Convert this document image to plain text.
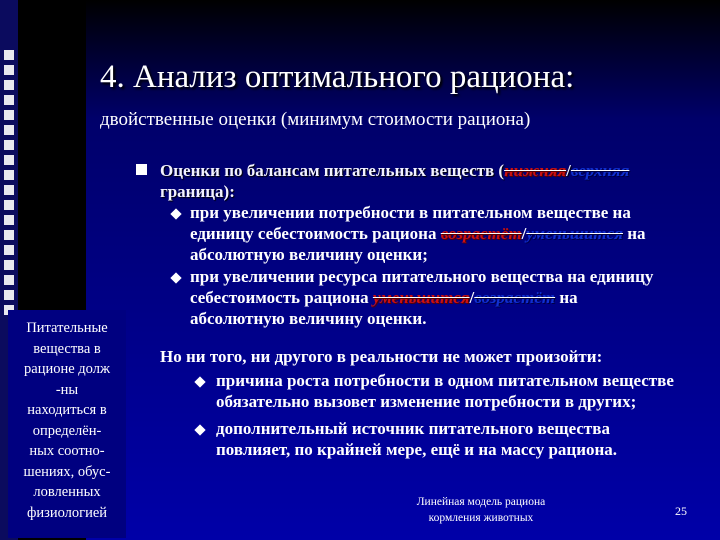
4. Анализ оптимального рациона:
двойственные оценки (минимум стоимости рациона)
Оценки по балансам питательных веществ (нижняя/верхняя
граница):
при увеличении потребности в питательном веществе на
единицу себестоимость рациона возрастёт/уменьшится на
абсолютную величину оценки;
при увеличении ресурса питательного вещества на единицу
себестоимость рациона уменьшится/возрастёт на
абсолютную величину оценки.
Но ни того, ни другого в реальности не может произойти:
причина роста потребности в одном питательном веществе
обязательно вызовет изменение потребности в других;
дополнительный источник питательного вещества
повлияет, по крайней мере, ещё и на массу рациона.
Линейная модель рациона
кормления животных	25
Питательные
вещества в
рационе долж
-ны
находиться в
определён-
ных соотно-
шениях, обус-
ловленных
физиологией
